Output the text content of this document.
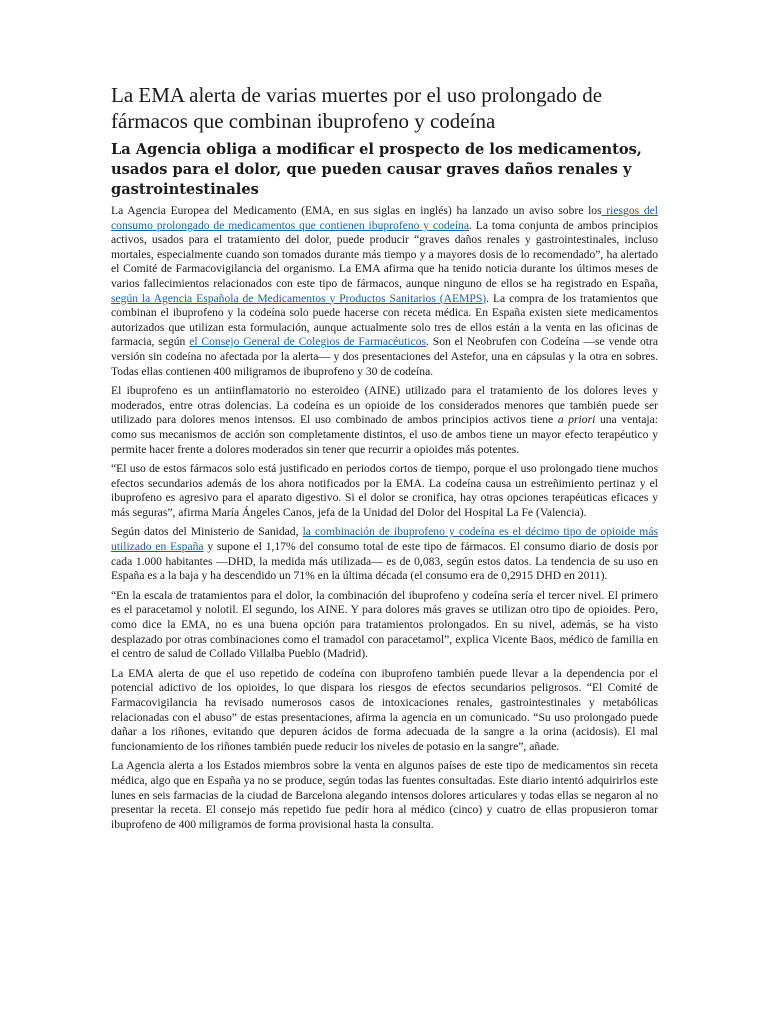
La EMA alerta de varias muertes por el uso prolongado de fármacos que combinan ibuprofeno y codeína
La Agencia obliga a modificar el prospecto de los medicamentos, usados para el dolor, que pueden causar graves daños renales y gastrointestinales

La Agencia Europea del Medicamento (EMA, en sus siglas en inglés) ha lanzado un aviso sobre los riesgos del consumo prolongado de medicamentos que contienen ibuprofeno y codeína. La toma conjunta de ambos principios activos, usados para el tratamiento del dolor, puede producir “graves daños renales y gastrointestinales, incluso mortales, especialmente cuando son tomados durante más tiempo y a mayores dosis de lo recomendado”, ha alertado el Comité de Farmacovigilancia del organismo. La EMA afirma que ha tenido noticia durante los últimos meses de varios fallecimientos relacionados con este tipo de fármacos, aunque ninguno de ellos se ha registrado en España, según la Agencia Española de Medicamentos y Productos Sanitarios (AEMPS). La compra de los tratamientos que combinan el ibuprofeno y la codeína solo puede hacerse con receta médica. En España existen siete medicamentos autorizados que utilizan esta formulación, aunque actualmente solo tres de ellos están a la venta en las oficinas de farmacia, según el Consejo General de Colegios de Farmacéuticos. Son el Neobrufen con Codeína —se vende otra versión sin codeína no afectada por la alerta— y dos presentaciones del Astefor, una en cápsulas y la otra en sobres. Todas ellas contienen 400 miligramos de ibuprofeno y 30 de codeína.

El ibuprofeno es un antiinflamatorio no esteroideo (AINE) utilizado para el tratamiento de los dolores leves y moderados, entre otras dolencias. La codeína es un opioide de los considerados menores que también puede ser utilizado para dolores menos intensos. El uso combinado de ambos principios activos tiene a priori una ventaja: como sus mecanismos de acción son completamente distintos, el uso de ambos tiene un mayor efecto terapéutico y permite hacer frente a dolores moderados sin tener que recurrir a opioides más potentes.

“El uso de estos fármacos solo está justificado en periodos cortos de tiempo, porque el uso prolongado tiene muchos efectos secundarios además de los ahora notificados por la EMA. La codeína causa un estreñimiento pertinaz y el ibuprofeno es agresivo para el aparato digestivo. Si el dolor se cronifica, hay otras opciones terapéuticas eficaces y más seguras”, afirma María Ángeles Canos, jefa de la Unidad del Dolor del Hospital La Fe (Valencia).

Según datos del Ministerio de Sanidad, la combinación de ibuprofeno y codeína es el décimo tipo de opioide más utilizado en España y supone el 1,17% del consumo total de este tipo de fármacos. El consumo diario de dosis por cada 1.000 habitantes —DHD, la medida más utilizada— es de 0,083, según estos datos. La tendencia de su uso en España es a la baja y ha descendido un 71% en la última década (el consumo era de 0,2915 DHD en 2011).

“En la escala de tratamientos para el dolor, la combinación del ibuprofeno y codeína sería el tercer nivel. El primero es el paracetamol y nolotil. El segundo, los AINE. Y para dolores más graves se utilizan otro tipo de opioides. Pero, como dice la EMA, no es una buena opción para tratamientos prolongados. En su nivel, además, se ha visto desplazado por otras combinaciones como el tramadol con paracetamol”, explica Vicente Baos, médico de familia en el centro de salud de Collado Villalba Pueblo (Madrid).

La EMA alerta de que el uso repetido de codeína con ibuprofeno también puede llevar a la dependencia por el potencial adictivo de los opioides, lo que dispara los riesgos de efectos secundarios peligrosos. “El Comité de Farmacovigilancia ha revisado numerosos casos de intoxicaciones renales, gastrointestinales y metabólicas relacionadas con el abuso” de estas presentaciones, afirma la agencia en un comunicado. “Su uso prolongado puede dañar a los riñones, evitando que depuren ácidos de forma adecuada de la sangre a la orina (acidosis). El mal funcionamiento de los riñones también puede reducir los niveles de potasio en la sangre”, añade.

La Agencia alerta a los Estados miembros sobre la venta en algunos países de este tipo de medicamentos sin receta médica, algo que en España ya no se produce, según todas las fuentes consultadas. Este diario intentó adquirirlos este lunes en seis farmacias de la ciudad de Barcelona alegando intensos dolores articulares y todas ellas se negaron al no presentar la receta. El consejo más repetido fue pedir hora al médico (cinco) y cuatro de ellas propusieron tomar ibuprofeno de 400 miligramos de forma provisional hasta la consulta.
